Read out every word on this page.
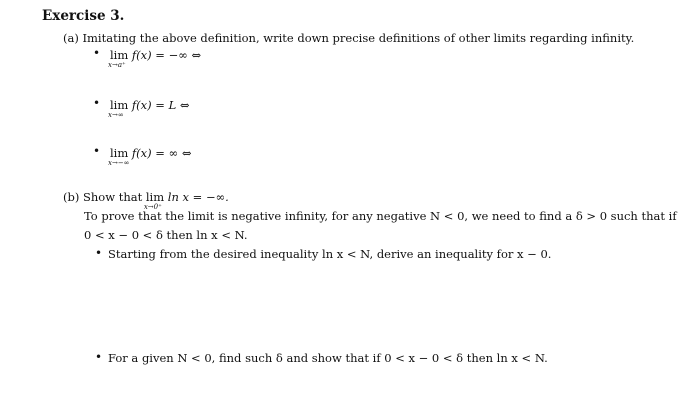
Exercise 3.
(a) Imitating the above definition, write down precise definitions of other limits regarding infinity.
• lim
x→a⁺
f(x) = −∞ ⇔
• lim
x→∞
f(x) = L ⇔
• lim
x→−∞
f(x) = ∞ ⇔
(b) Show that lim
x→0⁺
ln x = −∞.
To prove that the limit is negative infinity, for any negative N < 0, we need to find a δ > 0 such that if
0 < x − 0 < δ then ln x < N.
• Starting from the desired inequality ln x < N, derive an inequality for x − 0.
• For a given N < 0, find such δ and show that if 0 < x − 0 < δ then ln x < N.
